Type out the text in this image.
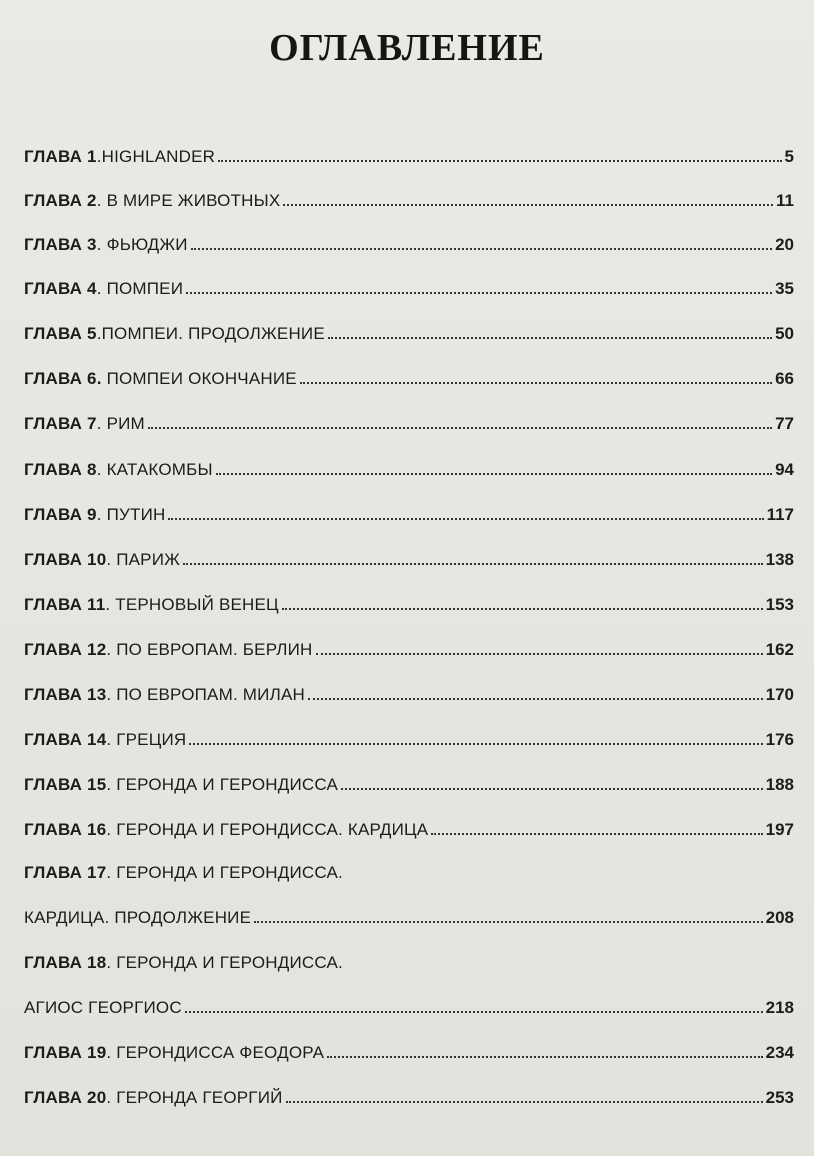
ОГЛАВЛЕНИЕ
ГЛАВА 1.HIGHLANDER	5
ГЛАВА 2. В МИРЕ ЖИВОТНЫХ	11
ГЛАВА 3. ФЬЮДЖИ	20
ГЛАВА 4. ПОМПЕИ	35
ГЛАВА 5.ПОМПЕИ. ПРОДОЛЖЕНИЕ	50
ГЛАВА 6. ПОМПЕИ ОКОНЧАНИЕ	66
ГЛАВА 7. РИМ	77
ГЛАВА 8. КАТАКОМБЫ	94
ГЛАВА 9. ПУТИН	117
ГЛАВА 10. ПАРИЖ	138
ГЛАВА 11. ТЕРНОВЫЙ ВЕНЕЦ	153
ГЛАВА 12. ПО ЕВРОПАМ. БЕРЛИН	162
ГЛАВА 13. ПО ЕВРОПАМ. МИЛАН	170
ГЛАВА 14. ГРЕЦИЯ	176
ГЛАВА 15. ГЕРОНДА И ГЕРОНДИССА	188
ГЛАВА 16. ГЕРОНДА И ГЕРОНДИССА. КАРДИЦА	197
ГЛАВА 17. ГЕРОНДА И ГЕРОНДИССА.
КАРДИЦА. ПРОДОЛЖЕНИЕ	208
ГЛАВА 18. ГЕРОНДА И ГЕРОНДИССА.
АГИОС ГЕОРГИОС	218
ГЛАВА 19. ГЕРОНДИССА ФЕОДОРА	234
ГЛАВА 20. ГЕРОНДА ГЕОРГИЙ	253
